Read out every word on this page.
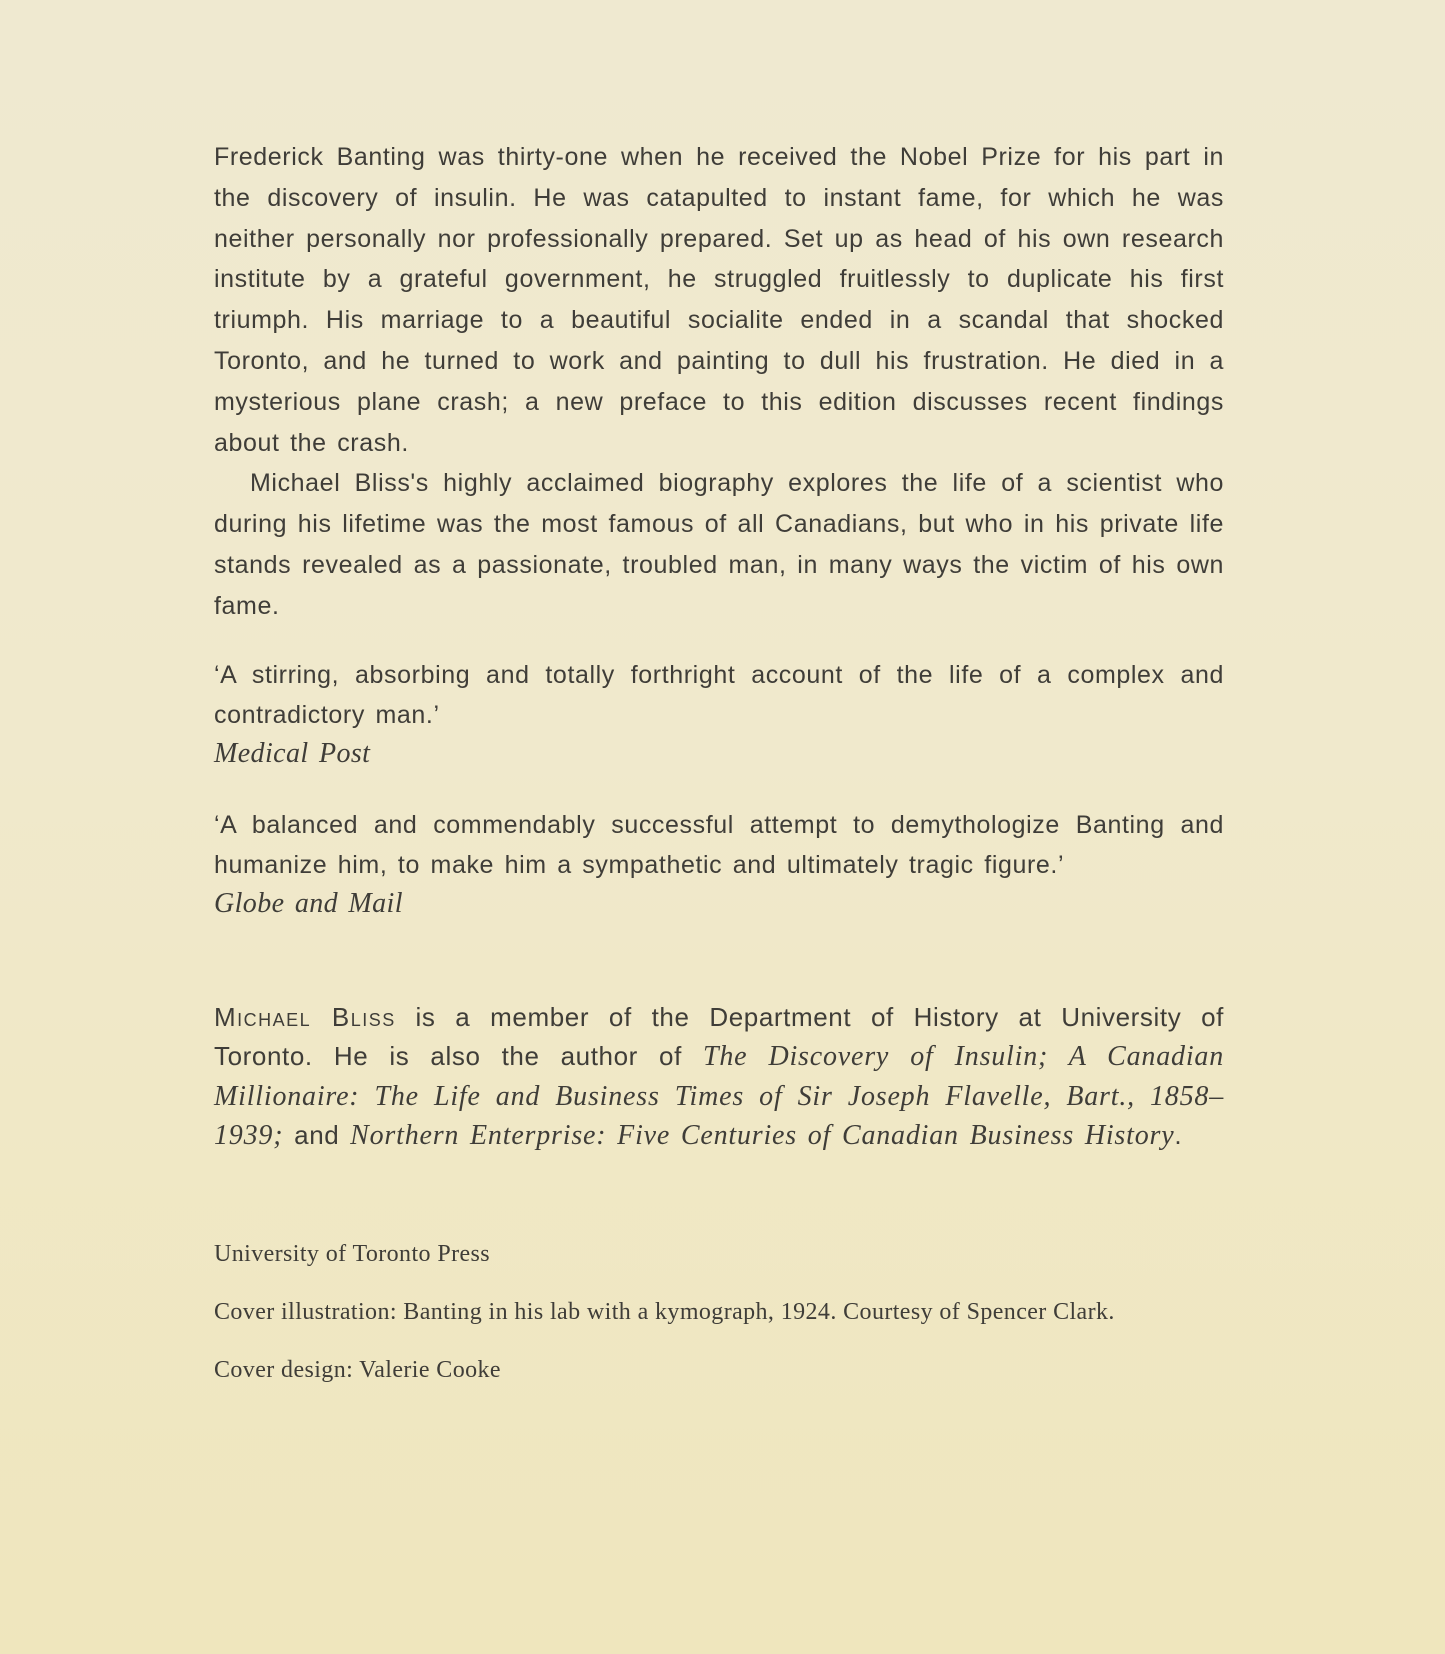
Frederick Banting was thirty-one when he received the Nobel Prize for his part in the discovery of insulin. He was catapulted to instant fame, for which he was neither personally nor professionally prepared. Set up as head of his own research institute by a grateful government, he struggled fruitlessly to duplicate his first triumph. His marriage to a beautiful socialite ended in a scandal that shocked Toronto, and he turned to work and painting to dull his frustration. He died in a mysterious plane crash; a new preface to this edition discusses recent findings about the crash.

Michael Bliss's highly acclaimed biography explores the life of a scientist who during his lifetime was the most famous of all Canadians, but who in his private life stands revealed as a passionate, troubled man, in many ways the victim of his own fame.

‘A stirring, absorbing and totally forthright account of the life of a complex and contradictory man.’

Medical Post

‘A balanced and commendably successful attempt to demythologize Banting and humanize him, to make him a sympathetic and ultimately tragic figure.’

Globe and Mail

Michael Bliss is a member of the Department of History at University of Toronto. He is also the author of The Discovery of Insulin; A Canadian Millionaire: The Life and Business Times of Sir Joseph Flavelle, Bart., 1858–1939; and Northern Enterprise: Five Centuries of Canadian Business History.

University of Toronto Press

Cover illustration: Banting in his lab with a kymograph, 1924. Courtesy of Spencer Clark.

Cover design: Valerie Cooke
